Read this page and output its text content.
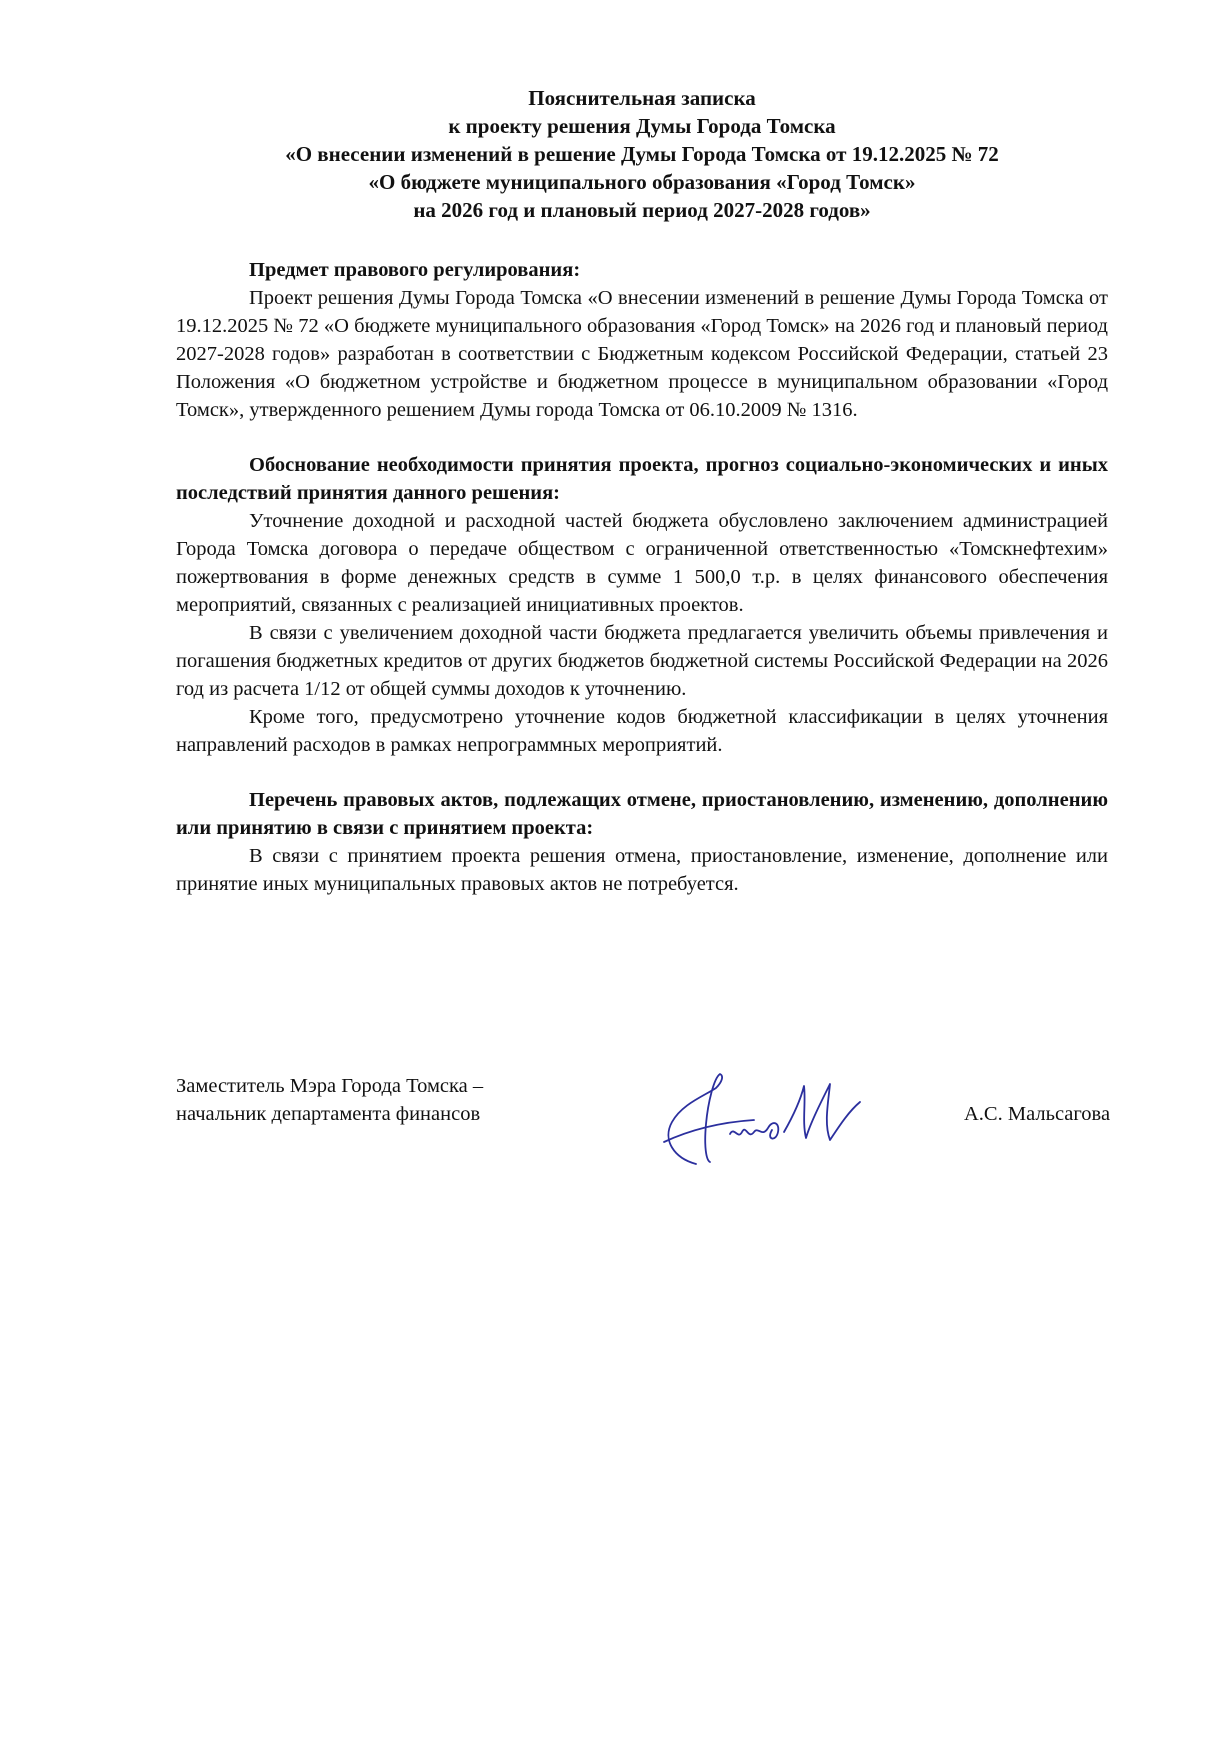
Пояснительная записка
к проекту решения Думы Города Томска
«О внесении изменений в решение Думы Города Томска от 19.12.2025 № 72
«О бюджете муниципального образования «Город Томск»
на 2026 год и плановый период 2027-2028 годов»

Предмет правового регулирования:

Проект решения Думы Города Томска «О внесении изменений в решение Думы Города Томска от 19.12.2025 № 72 «О бюджете муниципального образования «Город Томск» на 2026 год и плановый период 2027-2028 годов» разработан в соответствии с Бюджетным кодексом Российской Федерации, статьей 23 Положения «О бюджетном устройстве и бюджетном процессе в муниципальном образовании «Город Томск», утвержденного решением Думы города Томска от 06.10.2009 № 1316.

Обоснование необходимости принятия проекта, прогноз социально-экономических и иных последствий принятия данного решения:

Уточнение доходной и расходной частей бюджета обусловлено заключением администрацией Города Томска договора о передаче обществом с ограниченной ответственностью «Томскнефтехим» пожертвования в форме денежных средств в сумме 1 500,0 т.р. в целях финансового обеспечения мероприятий, связанных с реализацией инициативных проектов.

В связи с увеличением доходной части бюджета предлагается увеличить объемы привлечения и погашения бюджетных кредитов от других бюджетов бюджетной системы Российской Федерации на 2026 год из расчета 1/12 от общей суммы доходов к уточнению.

Кроме того, предусмотрено уточнение кодов бюджетной классификации в целях уточнения направлений расходов в рамках непрограммных мероприятий.

Перечень правовых актов, подлежащих отмене, приостановлению, изменению, дополнению или принятию в связи с принятием проекта:

В связи с принятием проекта решения отмена, приостановление, изменение, дополнение или принятие иных муниципальных правовых актов не потребуется.

Заместитель Мэра Города Томска –
начальник департамента финансов	А.С. Мальсагова
